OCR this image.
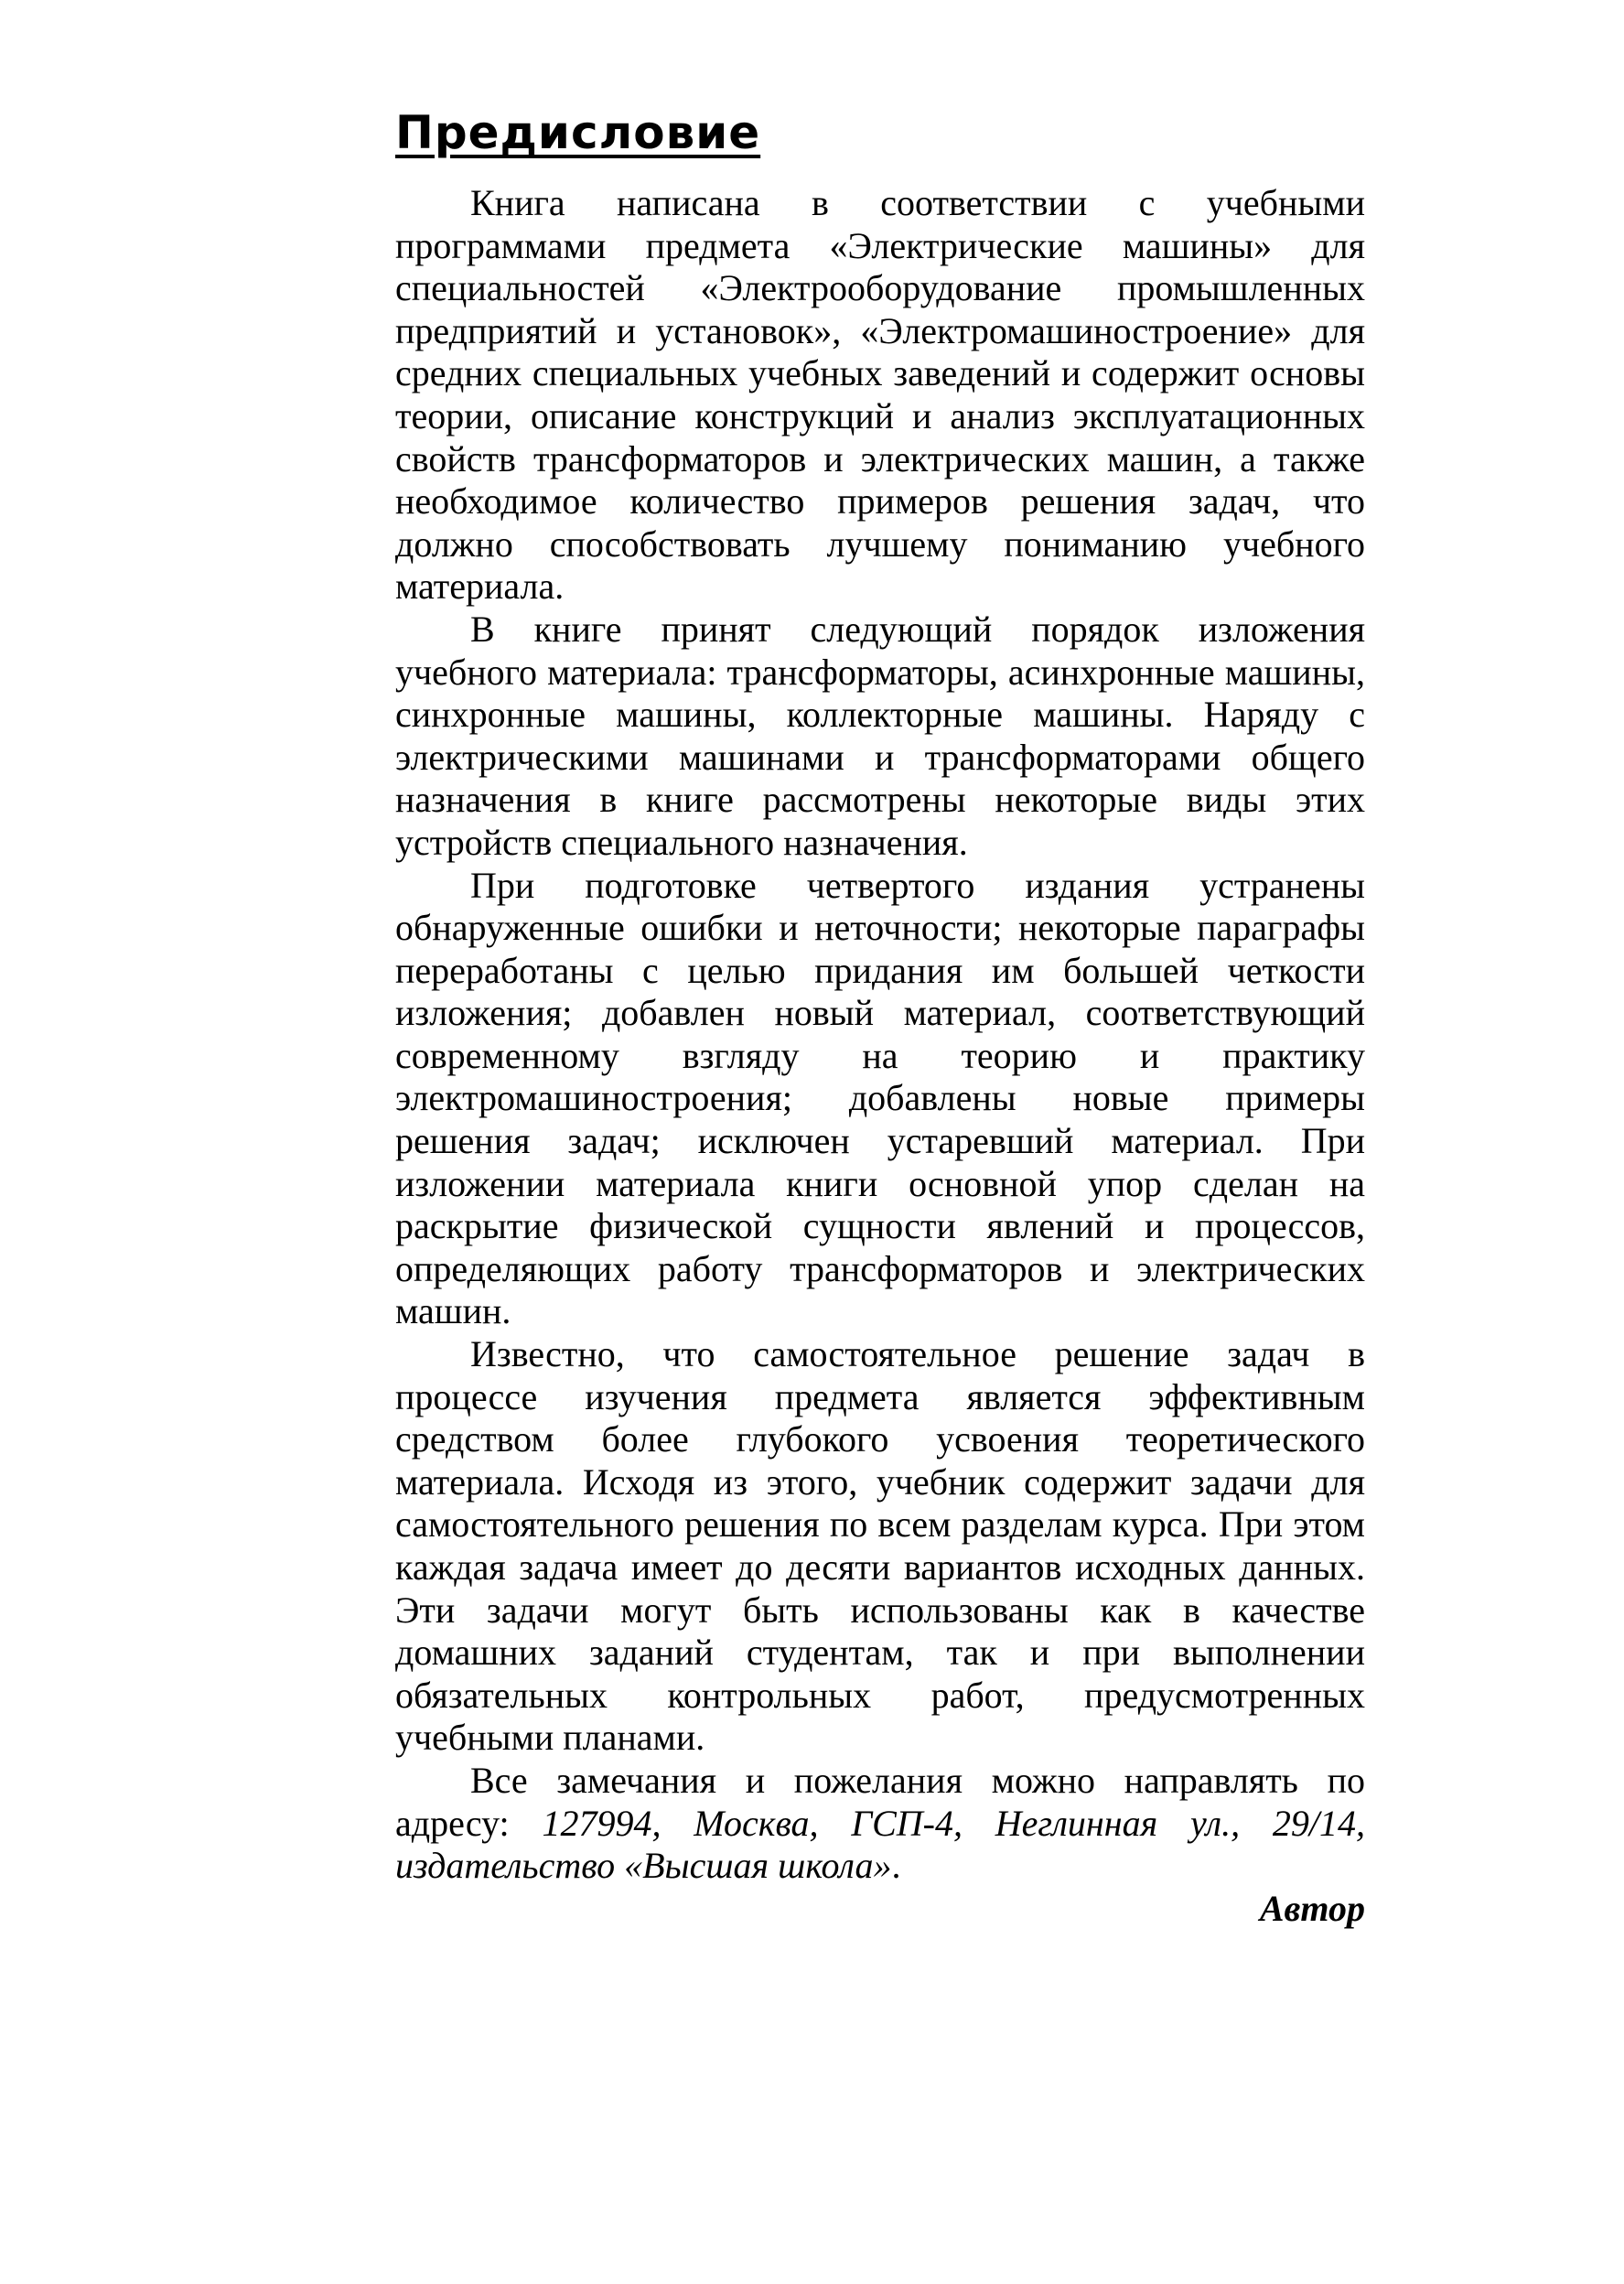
Предисловие

Книга написана в соответствии с учебными программами предмета «Электрические машины» для специальностей «Электрооборудование промышленных предприятий и установок», «Электромашиностроение» для средних специальных учебных заведений и содержит основы теории, описание конструкций и анализ эксплуатационных свойств трансформаторов и электрических машин, а также необходимое количество примеров решения задач, что должно способствовать лучшему пониманию учебного материала.

В книге принят следующий порядок изложения учебного материала: трансформаторы, асинхронные машины, синхронные машины, коллекторные машины. Наряду с электрическими машинами и трансформаторами общего назначения в книге рассмотрены некоторые виды этих устройств специального назначения.

При подготовке четвертого издания устранены обнаруженные ошибки и неточности; некоторые параграфы переработаны с целью придания им большей четкости изложения; добавлен новый материал, соответствующий современному взгляду на теорию и практику электромашиностроения; добавлены новые примеры решения задач; исключен устаревший материал. При изложении материала книги основной упор сделан на раскрытие физической сущности явлений и процессов, определяющих работу трансформаторов и электрических машин.

Известно, что самостоятельное решение задач в процессе изучения предмета является эффективным средством более глубокого усвоения теоретического материала. Исходя из этого, учебник содержит задачи для самостоятельного решения по всем разделам курса. При этом каждая задача имеет до десяти вариантов исходных данных. Эти задачи могут быть использованы как в качестве домашних заданий студентам, так и при выполнении обязательных контрольных работ, предусмотренных учебными планами.

Все замечания и пожелания можно направлять по адресу: 127994, Москва, ГСП-4, Неглинная ул., 29/14, издательство «Высшая школа».

Автор
